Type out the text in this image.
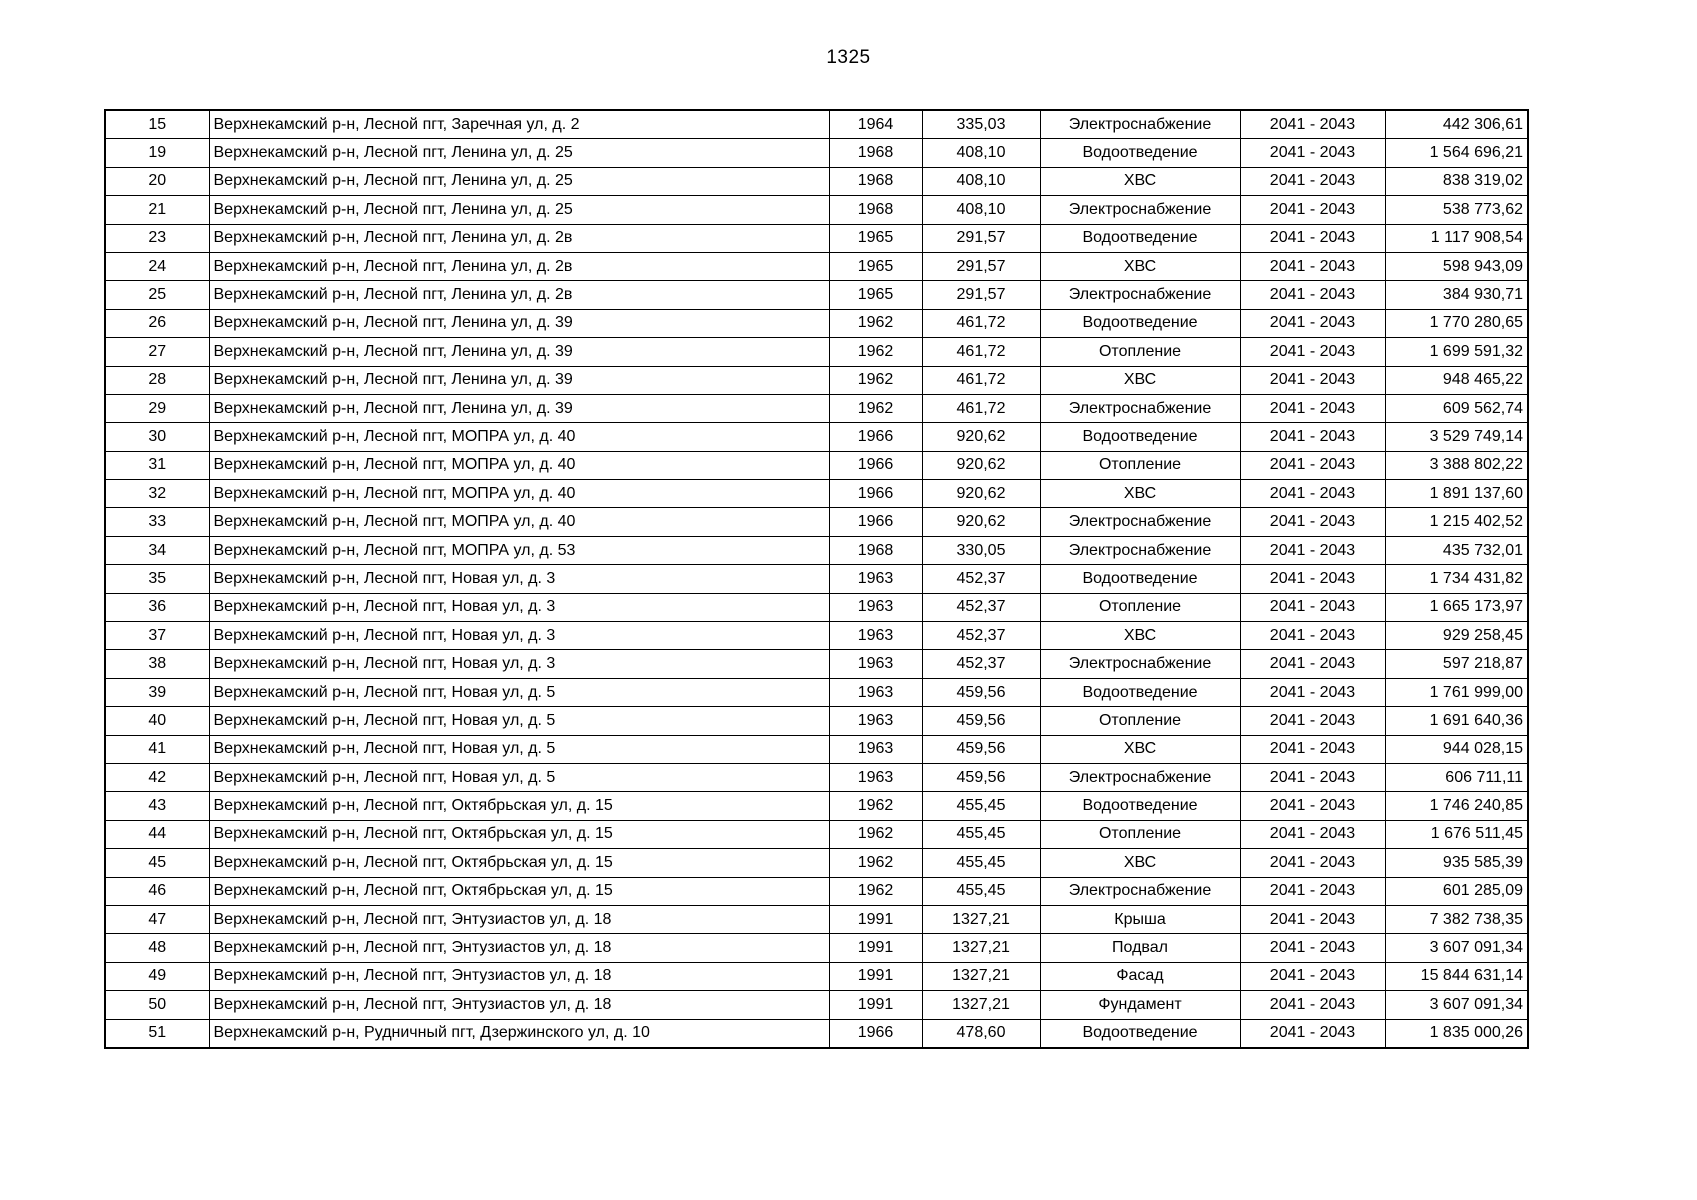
1325
15	Верхнекамский р-н, Лесной пгт, Заречная ул, д. 2	1964	335,03	Электроснабжение	2041 - 2043	442 306,61
19	Верхнекамский р-н, Лесной пгт, Ленина ул, д. 25	1968	408,10	Водоотведение	2041 - 2043	1 564 696,21
20	Верхнекамский р-н, Лесной пгт, Ленина ул, д. 25	1968	408,10	ХВС	2041 - 2043	838 319,02
21	Верхнекамский р-н, Лесной пгт, Ленина ул, д. 25	1968	408,10	Электроснабжение	2041 - 2043	538 773,62
23	Верхнекамский р-н, Лесной пгт, Ленина ул, д. 2в	1965	291,57	Водоотведение	2041 - 2043	1 117 908,54
24	Верхнекамский р-н, Лесной пгт, Ленина ул, д. 2в	1965	291,57	ХВС	2041 - 2043	598 943,09
25	Верхнекамский р-н, Лесной пгт, Ленина ул, д. 2в	1965	291,57	Электроснабжение	2041 - 2043	384 930,71
26	Верхнекамский р-н, Лесной пгт, Ленина ул, д. 39	1962	461,72	Водоотведение	2041 - 2043	1 770 280,65
27	Верхнекамский р-н, Лесной пгт, Ленина ул, д. 39	1962	461,72	Отопление	2041 - 2043	1 699 591,32
28	Верхнекамский р-н, Лесной пгт, Ленина ул, д. 39	1962	461,72	ХВС	2041 - 2043	948 465,22
29	Верхнекамский р-н, Лесной пгт, Ленина ул, д. 39	1962	461,72	Электроснабжение	2041 - 2043	609 562,74
30	Верхнекамский р-н, Лесной пгт, МОПРА ул, д. 40	1966	920,62	Водоотведение	2041 - 2043	3 529 749,14
31	Верхнекамский р-н, Лесной пгт, МОПРА ул, д. 40	1966	920,62	Отопление	2041 - 2043	3 388 802,22
32	Верхнекамский р-н, Лесной пгт, МОПРА ул, д. 40	1966	920,62	ХВС	2041 - 2043	1 891 137,60
33	Верхнекамский р-н, Лесной пгт, МОПРА ул, д. 40	1966	920,62	Электроснабжение	2041 - 2043	1 215 402,52
34	Верхнекамский р-н, Лесной пгт, МОПРА ул, д. 53	1968	330,05	Электроснабжение	2041 - 2043	435 732,01
35	Верхнекамский р-н, Лесной пгт, Новая ул, д. 3	1963	452,37	Водоотведение	2041 - 2043	1 734 431,82
36	Верхнекамский р-н, Лесной пгт, Новая ул, д. 3	1963	452,37	Отопление	2041 - 2043	1 665 173,97
37	Верхнекамский р-н, Лесной пгт, Новая ул, д. 3	1963	452,37	ХВС	2041 - 2043	929 258,45
38	Верхнекамский р-н, Лесной пгт, Новая ул, д. 3	1963	452,37	Электроснабжение	2041 - 2043	597 218,87
39	Верхнекамский р-н, Лесной пгт, Новая ул, д. 5	1963	459,56	Водоотведение	2041 - 2043	1 761 999,00
40	Верхнекамский р-н, Лесной пгт, Новая ул, д. 5	1963	459,56	Отопление	2041 - 2043	1 691 640,36
41	Верхнекамский р-н, Лесной пгт, Новая ул, д. 5	1963	459,56	ХВС	2041 - 2043	944 028,15
42	Верхнекамский р-н, Лесной пгт, Новая ул, д. 5	1963	459,56	Электроснабжение	2041 - 2043	606 711,11
43	Верхнекамский р-н, Лесной пгт, Октябрьская ул, д. 15	1962	455,45	Водоотведение	2041 - 2043	1 746 240,85
44	Верхнекамский р-н, Лесной пгт, Октябрьская ул, д. 15	1962	455,45	Отопление	2041 - 2043	1 676 511,45
45	Верхнекамский р-н, Лесной пгт, Октябрьская ул, д. 15	1962	455,45	ХВС	2041 - 2043	935 585,39
46	Верхнекамский р-н, Лесной пгт, Октябрьская ул, д. 15	1962	455,45	Электроснабжение	2041 - 2043	601 285,09
47	Верхнекамский р-н, Лесной пгт, Энтузиастов ул, д. 18	1991	1327,21	Крыша	2041 - 2043	7 382 738,35
48	Верхнекамский р-н, Лесной пгт, Энтузиастов ул, д. 18	1991	1327,21	Подвал	2041 - 2043	3 607 091,34
49	Верхнекамский р-н, Лесной пгт, Энтузиастов ул, д. 18	1991	1327,21	Фасад	2041 - 2043	15 844 631,14
50	Верхнекамский р-н, Лесной пгт, Энтузиастов ул, д. 18	1991	1327,21	Фундамент	2041 - 2043	3 607 091,34
51	Верхнекамский р-н, Рудничный пгт, Дзержинского ул, д. 10	1966	478,60	Водоотведение	2041 - 2043	1 835 000,26
